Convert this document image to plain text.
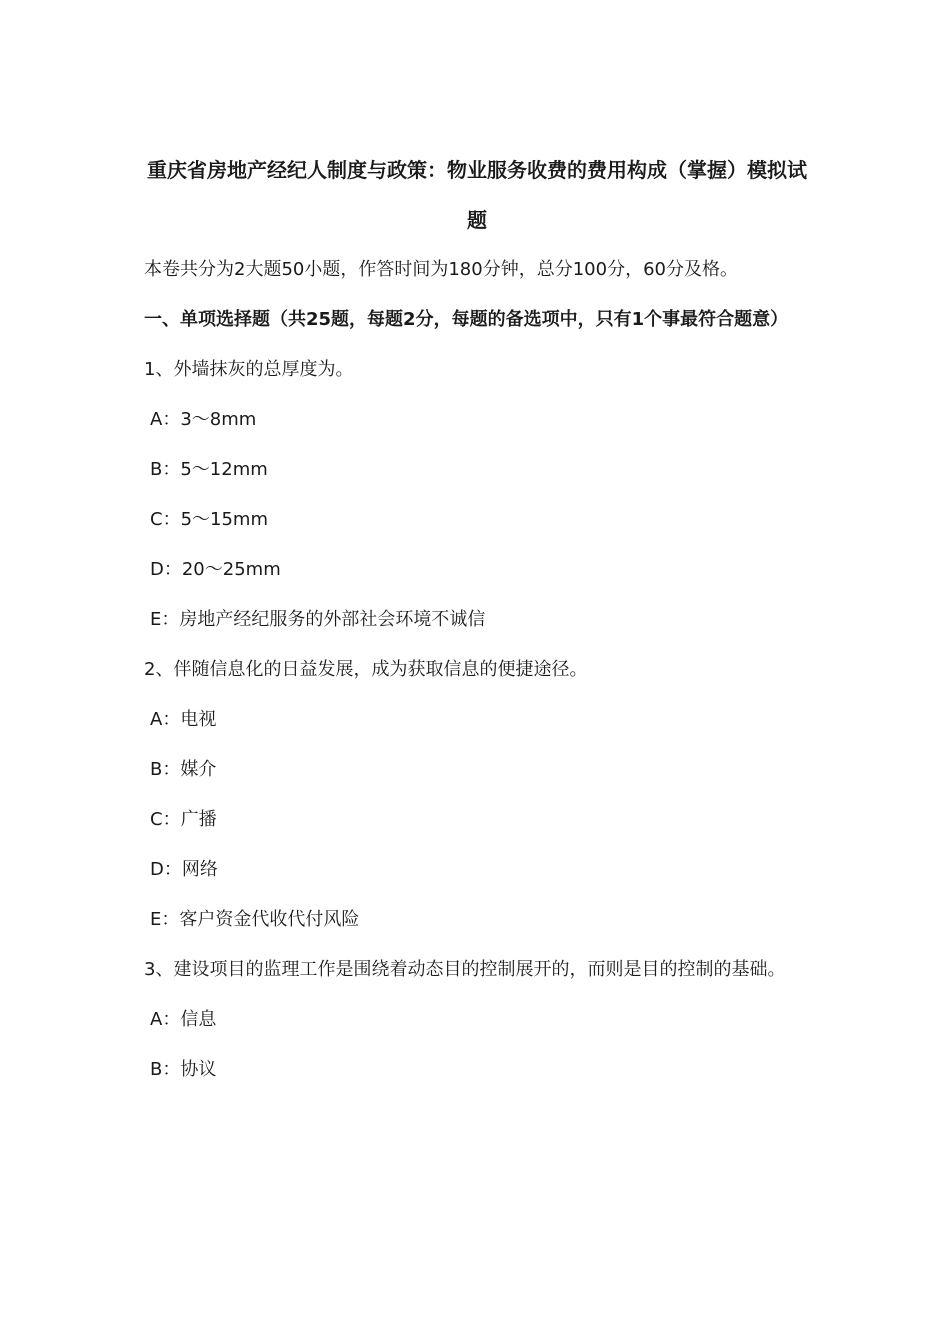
重庆省房地产经纪人制度与政策：物业服务收费的费用构成（掌握）模拟试题
本卷共分为2大题50小题，作答时间为180分钟，总分100分，60分及格。
一、单项选择题（共25题，每题2分，每题的备选项中，只有1个事最符合题意）
1、外墙抹灰的总厚度为。
A：3～8mm
B：5～12mm
C：5～15mm
D：20～25mm
E：房地产经纪服务的外部社会环境不诚信
2、伴随信息化的日益发展，成为获取信息的便捷途径。
A：电视
B：媒介
C：广播
D：网络
E：客户资金代收代付风险
3、建设项目的监理工作是围绕着动态目的控制展开的，而则是目的控制的基础。
A：信息
B：协议
